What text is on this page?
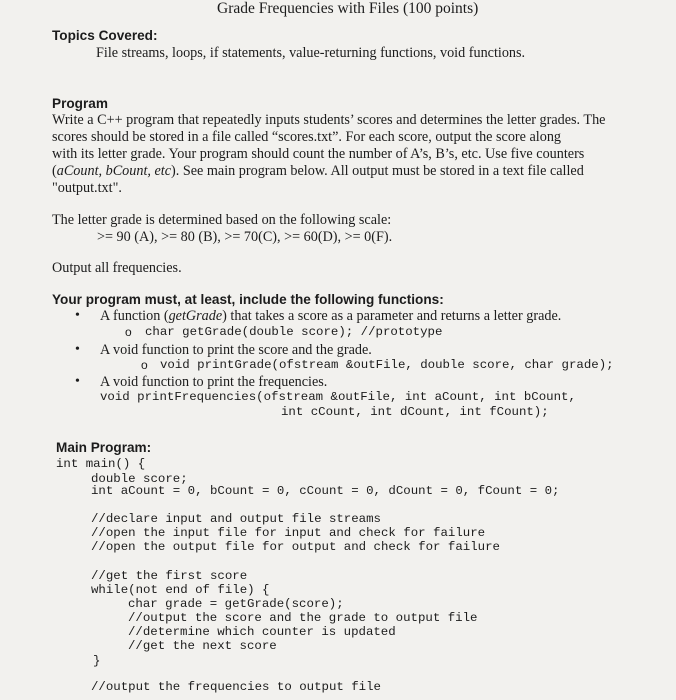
Grade Frequencies with Files (100 points)
Topics Covered:
File streams, loops, if statements, value-returning functions, void functions.
Program
Write a C++ program that repeatedly inputs students’ scores and determines the letter grades. The
scores should be stored in a file called “scores.txt”. For each score, output the score along
with its letter grade. Your program should count the number of A’s, B’s, etc. Use five counters
(aCount, bCount, etc). See main program below. All output must be stored in a text file called
"output.txt".
The letter grade is determined based on the following scale:
>= 90 (A), >= 80 (B), >= 70(C), >= 60(D), >= 0(F).
Output all frequencies.
Your program must, at least, include the following functions:
• A function (getGrade) that takes a score as a parameter and returns a letter grade.
o char getGrade(double score); //prototype
• A void function to print the score and the grade.
o void printGrade(ofstream &outFile, double score, char grade);
• A void function to print the frequencies.
void printFrequencies(ofstream &outFile, int aCount, int bCount,
int cCount, int dCount, int fCount);
Main Program:
int main() {
double score;
int aCount = 0, bCount = 0, cCount = 0, dCount = 0, fCount = 0;
//declare input and output file streams
//open the input file for input and check for failure
//open the output file for output and check for failure
//get the first score
while(not end of file) {
char grade = getGrade(score);
//output the score and the grade to output file
//determine which counter is updated
//get the next score
}
//output the frequencies to output file
